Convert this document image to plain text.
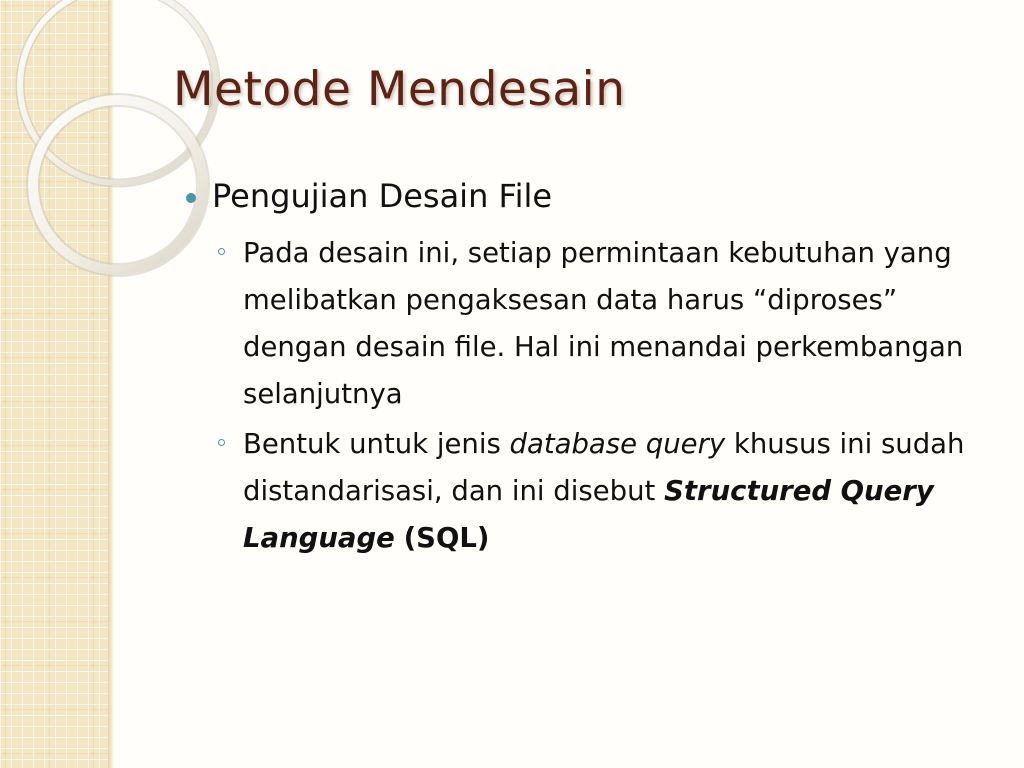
Metode Mendesain

Pengujian Desain File

Pada desain ini, setiap permintaan kebutuhan yang melibatkan pengaksesan data harus “diproses” dengan desain file. Hal ini menandai perkembangan selanjutnya

Bentuk untuk jenis database query khusus ini sudah distandarisasi, dan ini disebut Structured Query Language (SQL)
